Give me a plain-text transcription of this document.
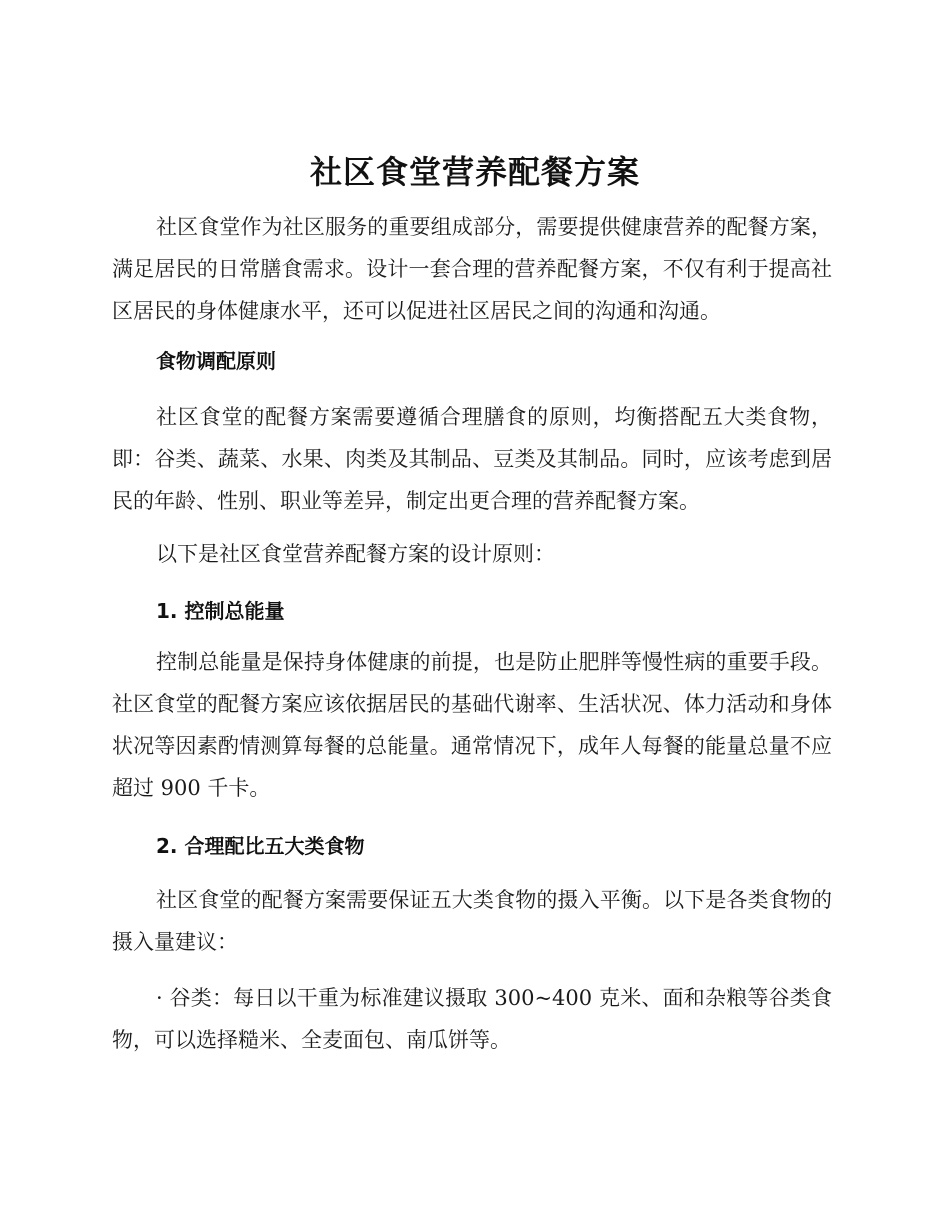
社区食堂营养配餐方案

社区食堂作为社区服务的重要组成部分，需要提供健康营养的配餐方案，满足居民的日常膳食需求。设计一套合理的营养配餐方案，不仅有利于提高社区居民的身体健康水平，还可以促进社区居民之间的沟通和沟通。

食物调配原则

社区食堂的配餐方案需要遵循合理膳食的原则，均衡搭配五大类食物，即：谷类、蔬菜、水果、肉类及其制品、豆类及其制品。同时，应该考虑到居民的年龄、性别、职业等差异，制定出更合理的营养配餐方案。

以下是社区食堂营养配餐方案的设计原则：

1. 控制总能量

控制总能量是保持身体健康的前提，也是防止肥胖等慢性病的重要手段。社区食堂的配餐方案应该依据居民的基础代谢率、生活状况、体力活动和身体状况等因素酌情测算每餐的总能量。通常情况下，成年人每餐的能量总量不应超过 900 千卡。

2. 合理配比五大类食物

社区食堂的配餐方案需要保证五大类食物的摄入平衡。以下是各类食物的摄入量建议：

· 谷类：每日以干重为标准建议摄取 300~400 克米、面和杂粮等谷类食物，可以选择糙米、全麦面包、南瓜饼等。
